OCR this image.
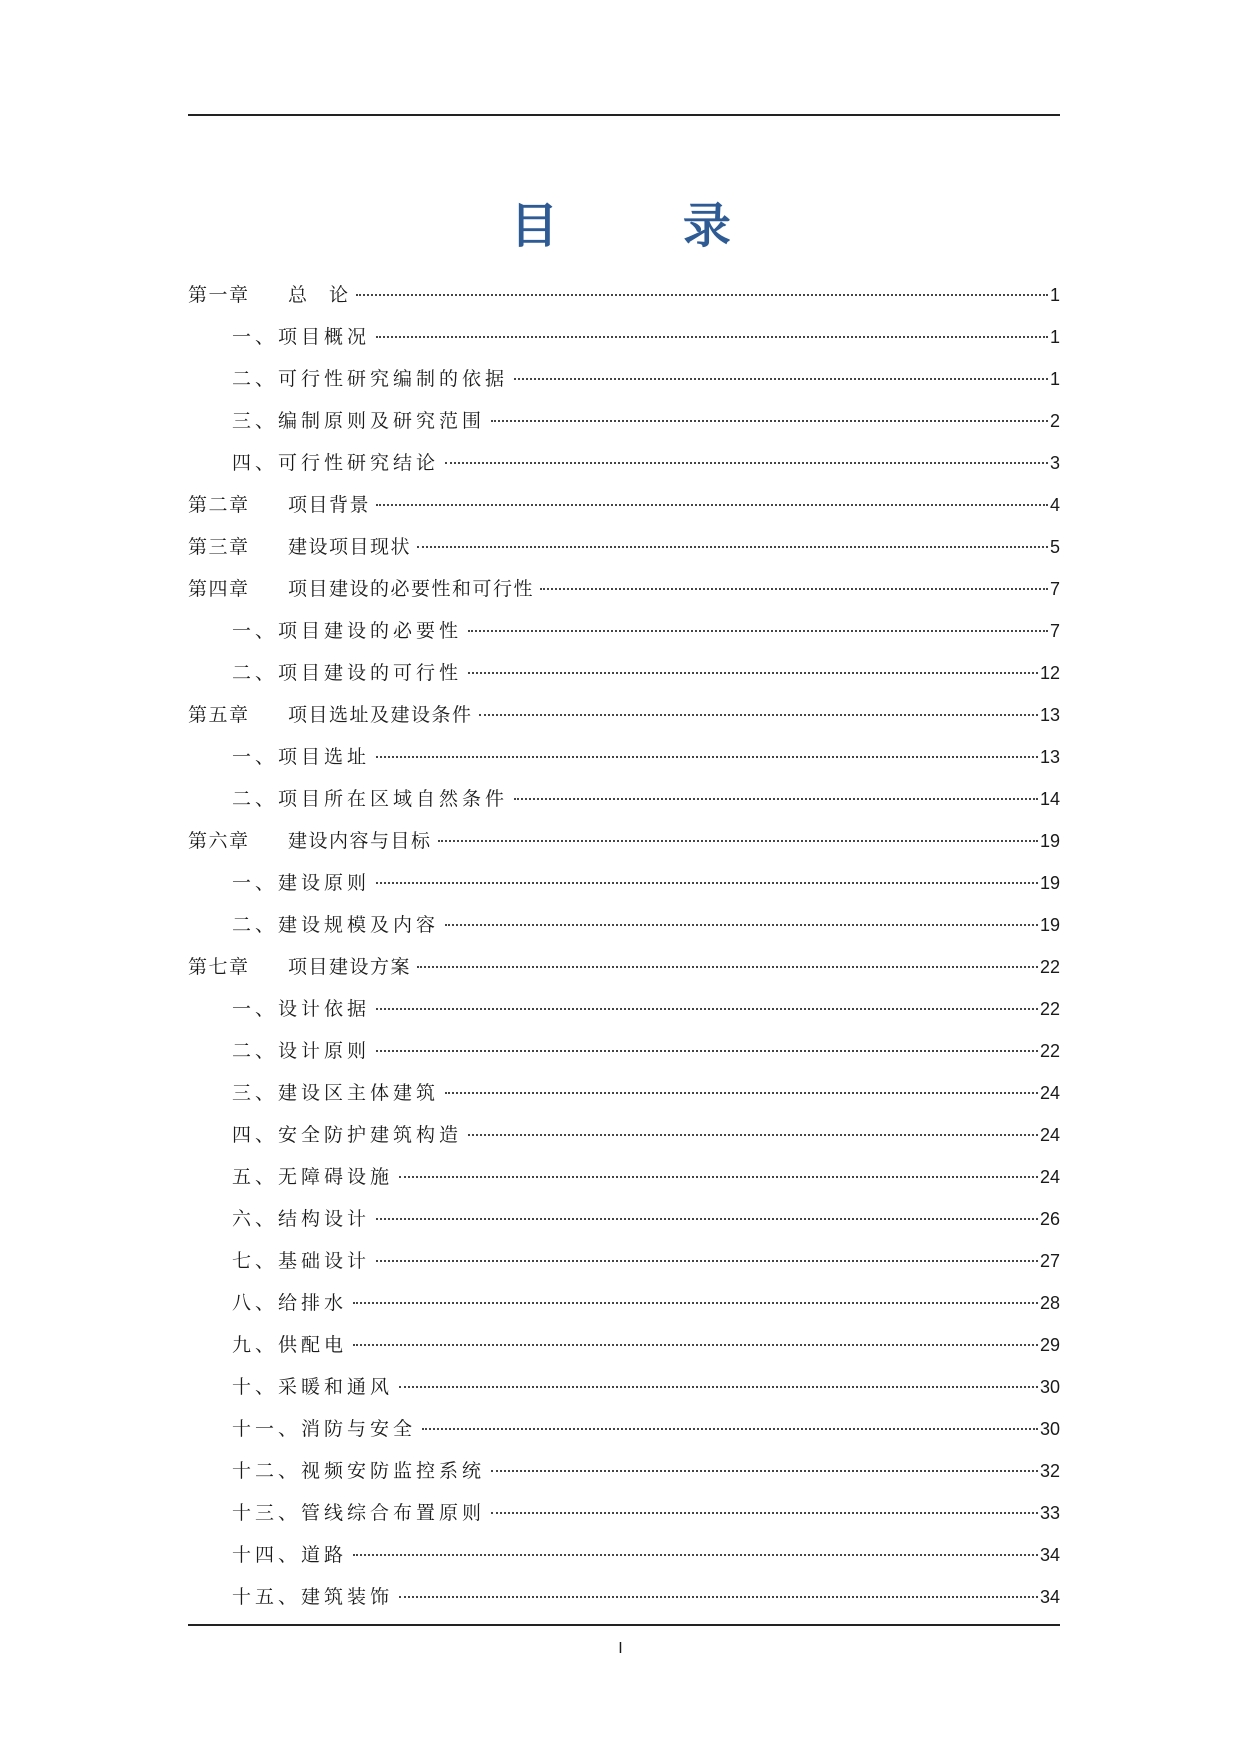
目 录
第一章	总　论	1
一、 项目概况	1
二、 可行性研究编制的依据	1
三、 编制原则及研究范围	2
四、 可行性研究结论	3
第二章	项目背景	4
第三章	建设项目现状	5
第四章	项目建设的必要性和可行性	7
一、 项目建设的必要性	7
二、 项目建设的可行性	12
第五章	项目选址及建设条件	13
一、 项目选址	13
二、 项目所在区域自然条件	14
第六章	建设内容与目标	19
一、 建设原则	19
二、 建设规模及内容	19
第七章	项目建设方案	22
一、 设计依据	22
二、 设计原则	22
三、 建设区主体建筑	24
四、 安全防护建筑构造	24
五、 无障碍设施	24
六、 结构设计	26
七、 基础设计	27
八、 给排水	28
九、 供配电	29
十、 采暖和通风	30
十一、 消防与安全	30
十二、 视频安防监控系统	32
十三、 管线综合布置原则	33
十四、 道路	34
十五、 建筑装饰	34
I
